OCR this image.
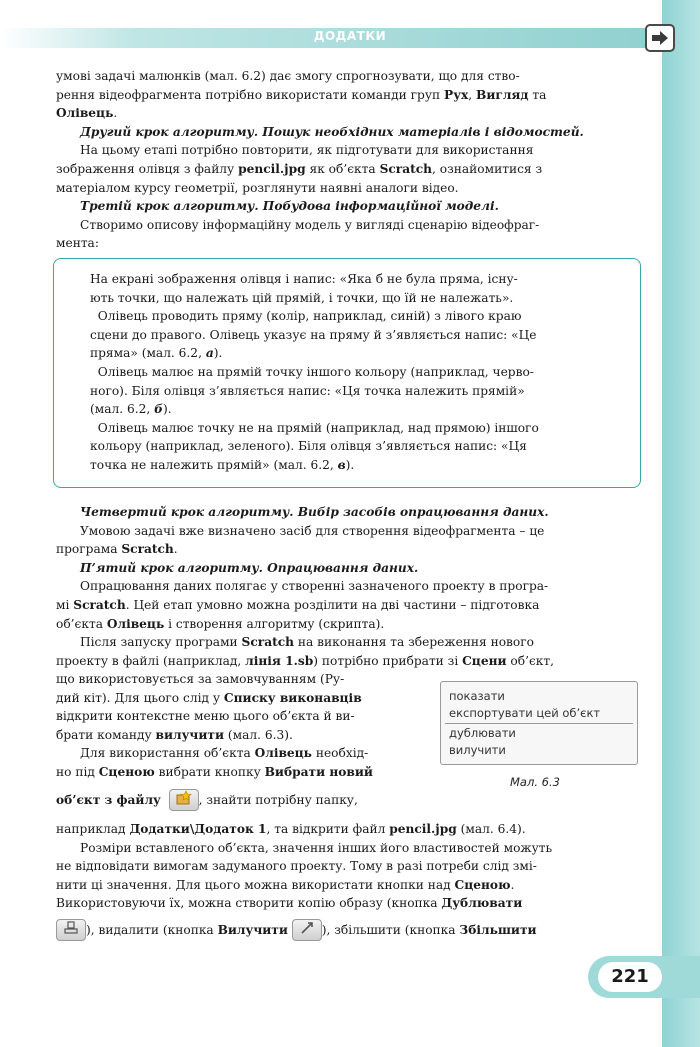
ДОДАТКИ

умові задачі малюнків (мал. 6.2) дає змогу спрогнозувати, що для ство-

рення відеофрагмента потрібно використати команди груп Рух, Вигляд та

Олівець.

Другий крок алгоритму. Пошук необхідних матеріалів і відомостей.

На цьому етапі потрібно повторити, як підготувати для використання

зображення олівця з файлу pencil.jpg як об’єкта Scratch, ознайомитися з

матеріалом курсу геометрії, розглянути наявні аналоги відео.

Третій крок алгоритму. Побудова інформаційної моделі.

Створимо описову інформаційну модель у вигляді сценарію відеофраг-

мента:

На екрані зображення олівця і напис: «Яка б не була пряма, існу-

ють точки, що належать цій прямій, і точки, що їй не належать».

Олівець проводить пряму (колір, наприклад, синій) з лівого краю

сцени до правого. Олівець указує на пряму й з’являється напис: «Це

пряма» (мал. 6.2, а).

Олівець малює на прямій точку іншого кольору (наприклад, черво-

ного). Біля олівця з’являється напис: «Ця точка належить прямій»

(мал. 6.2, б).

Олівець малює точку не на прямій (наприклад, над прямою) іншого

кольору (наприклад, зеленого). Біля олівця з’являється напис: «Ця

точка не належить прямій» (мал. 6.2, в).

Четвертий крок алгоритму. Вибір засобів опрацювання даних.

Умовою задачі вже визначено засіб для створення відеофрагмента – це

програма Scratch.

П’ятий крок алгоритму. Опрацювання даних.

Опрацювання даних полягає у створенні зазначеного проекту в програ-

мі Scratch. Цей етап умовно можна розділити на дві частини – підготовка

об’єкта Олівець і створення алгоритму (скрипта).

Після запуску програми Scratch на виконання та збереження нового

проекту в файлі (наприклад, лінія 1.sb) потрібно прибрати зі Сцени об’єкт,

що використовується за замовчуванням (Ру-

дий кіт). Для цього слід у Списку виконавців

відкрити контекстне меню цього об’єкта й ви-

брати команду вилучити (мал. 6.3).

Для використання об’єкта Олівець необхід-

но під Сценою вибрати кнопку Вибрати новий

об’єкт з файлу	, знайти потрібну папку,

показати
експортувати цей об’єкт
дублювати
вилучити
Мал. 6.3

наприклад Додатки\Додаток 1, та відкрити файл pencil.jpg (мал. 6.4).

Розміри вставленого об’єкта, значення інших його властивостей можуть

не відповідати вимогам задуманого проекту. Тому в разі потреби слід змі-

нити ці значення. Для цього можна використати кнопки над Сценою.

Використовуючи їх, можна створити копію образу (кнопка Дублювати

), видалити (кнопка Вилучити	), збільшити (кнопка Збільшити

221
